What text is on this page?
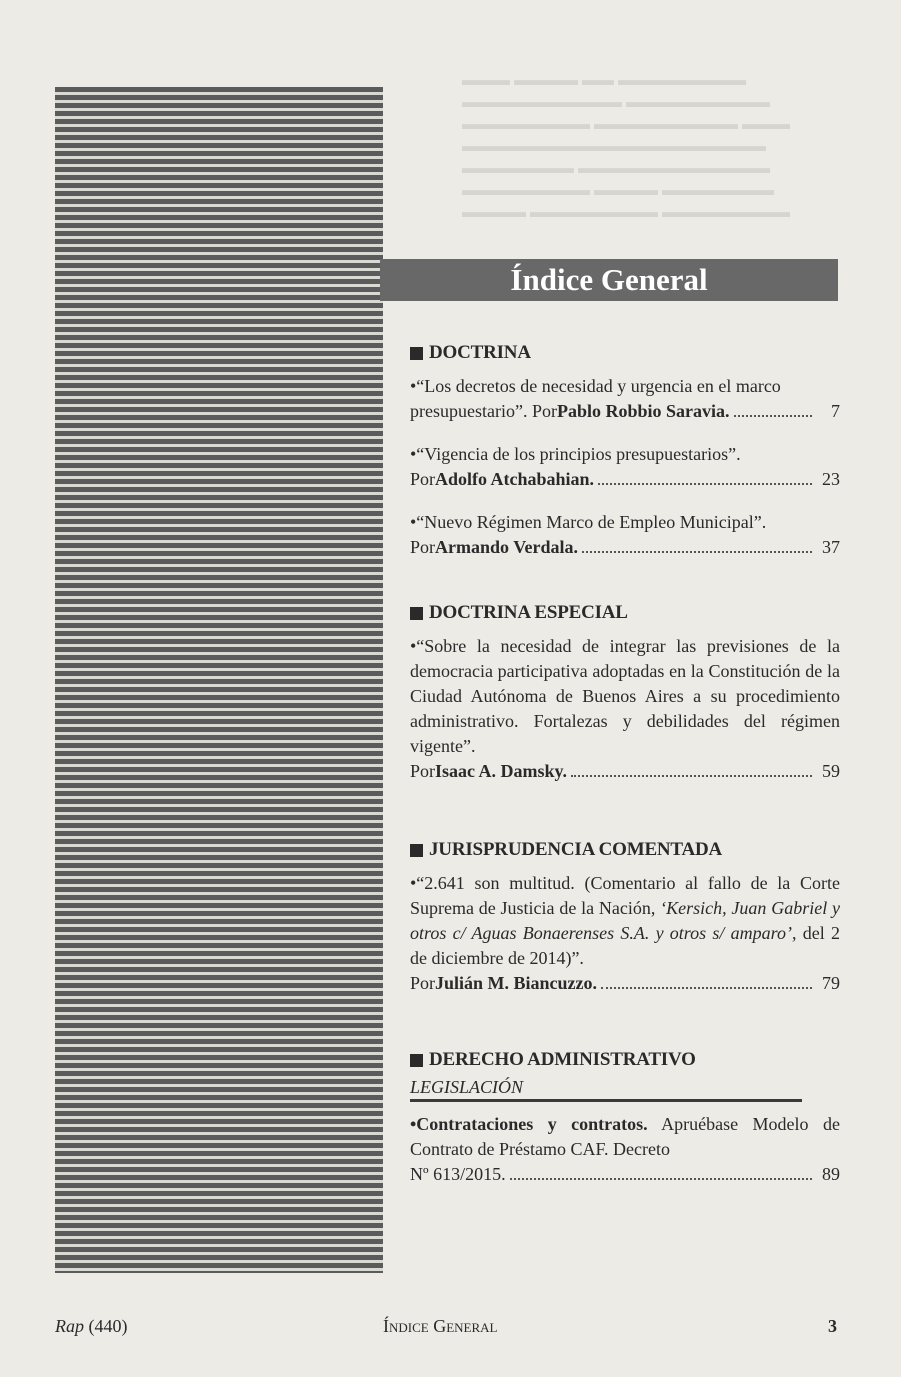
▬▬▬ ▬▬▬▬ ▬▬ ▬▬▬▬▬▬▬▬
▬▬▬▬▬▬▬▬▬▬ ▬▬▬▬▬▬▬▬▬
▬▬▬▬▬▬▬▬ ▬▬▬▬▬▬▬▬▬ ▬▬▬
▬▬▬▬▬▬▬▬▬▬▬▬▬▬▬▬▬▬▬
▬▬▬▬▬▬▬ ▬▬▬▬▬▬▬▬▬▬▬▬
▬▬▬▬▬▬▬▬ ▬▬▬▬ ▬▬▬▬▬▬▬
▬▬▬▬ ▬▬▬▬▬▬▬▬ ▬▬▬▬▬▬▬▬
Índice General
DOCTRINA
•“Los decretos de necesidad y urgencia en el marco
presupuestario”. Por Pablo Robbio Saravia.	7
•“Vigencia de los principios presupuestarios”.
Por Adolfo Atchabahian.	23
•“Nuevo Régimen Marco de Empleo Municipal”.
Por Armando Verdala.	37
DOCTRINA ESPECIAL
•“Sobre la necesidad de integrar las previsiones de la democracia participativa adoptadas en la Constitución de la Ciudad Autónoma de Buenos Aires a su procedimiento administrativo. Fortalezas y debilidades del régimen vigente”.
Por Isaac A. Damsky.	59
JURISPRUDENCIA COMENTADA
•“2.641 son multitud. (Comentario al fallo de la Corte Suprema de Justicia de la Nación, ‘Kersich, Juan Gabriel y otros c/ Aguas Bonaerenses S.A. y otros s/ amparo’, del 2 de diciembre de 2014)”.
Por Julián M. Biancuzzo.	79
DERECHO ADMINISTRATIVO
LEGISLACIÓN
•Contrataciones y contratos. Apruébase Modelo de Contrato de Préstamo CAF. Decreto
Nº 613/2015.	89
Rap (440)	Índice General	3
